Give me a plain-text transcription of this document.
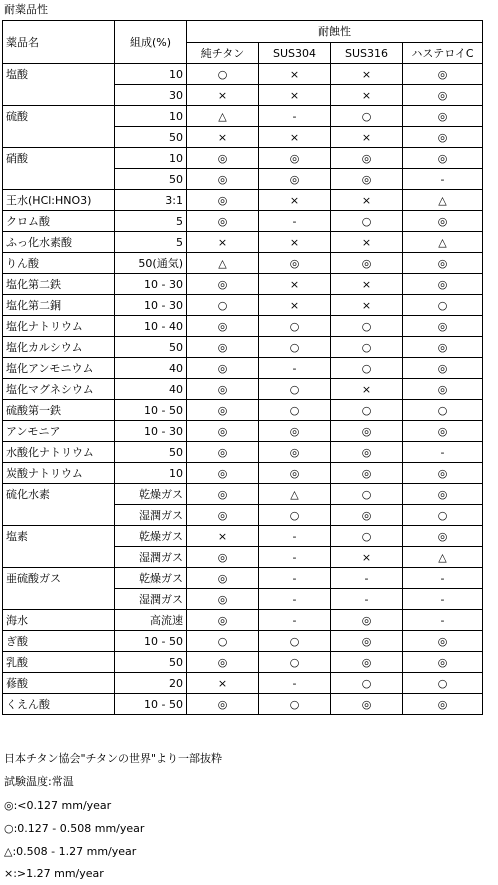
耐薬品性
薬品名	組成(%)	耐蝕性			
		純チタン	SUS304	SUS316	ハステロイC
塩酸	10	○	×	×	◎
	30	×	×	×	◎
硫酸	10	△	-	○	◎
	50	×	×	×	◎
硝酸	10	◎	◎	◎	◎
	50	◎	◎	◎	-
王水(HCl:HNO3)	3:1	◎	×	×	△
クロム酸	5	◎	-	○	◎
ふっ化水素酸	5	×	×	×	△
りん酸	50(通気)	△	◎	◎	◎
塩化第二鉄	10 - 30	◎	×	×	◎
塩化第二銅	10 - 30	○	×	×	○
塩化ナトリウム	10 - 40	◎	○	○	◎
塩化カルシウム	50	◎	○	○	◎
塩化アンモニウム	40	◎	-	○	◎
塩化マグネシウム	40	◎	○	×	◎
硫酸第一鉄	10 - 50	◎	○	○	○
アンモニア	10 - 30	◎	◎	◎	◎
水酸化ナトリウム	50	◎	◎	◎	-
炭酸ナトリウム	10	◎	◎	◎	◎
硫化水素	乾燥ガス	◎	△	○	◎
	湿潤ガス	◎	○	◎	○
塩素	乾燥ガス	×	-	○	◎
	湿潤ガス	◎	-	×	△
亜硫酸ガス	乾燥ガス	◎	-	-	-
	湿潤ガス	◎	-	-	-
海水	高流速	◎	-	◎	-
ぎ酸	10 - 50	○	○	◎	◎
乳酸	50	◎	○	◎	◎
蓚酸	20	×	-	○	○
くえん酸	10 - 50	◎	○	◎	◎
日本チタン協会"チタンの世界"より一部抜粋
試験温度:常温
◎:<0.127 mm/year
○:0.127 - 0.508 mm/year
△:0.508 - 1.27 mm/year
×:>1.27 mm/year
